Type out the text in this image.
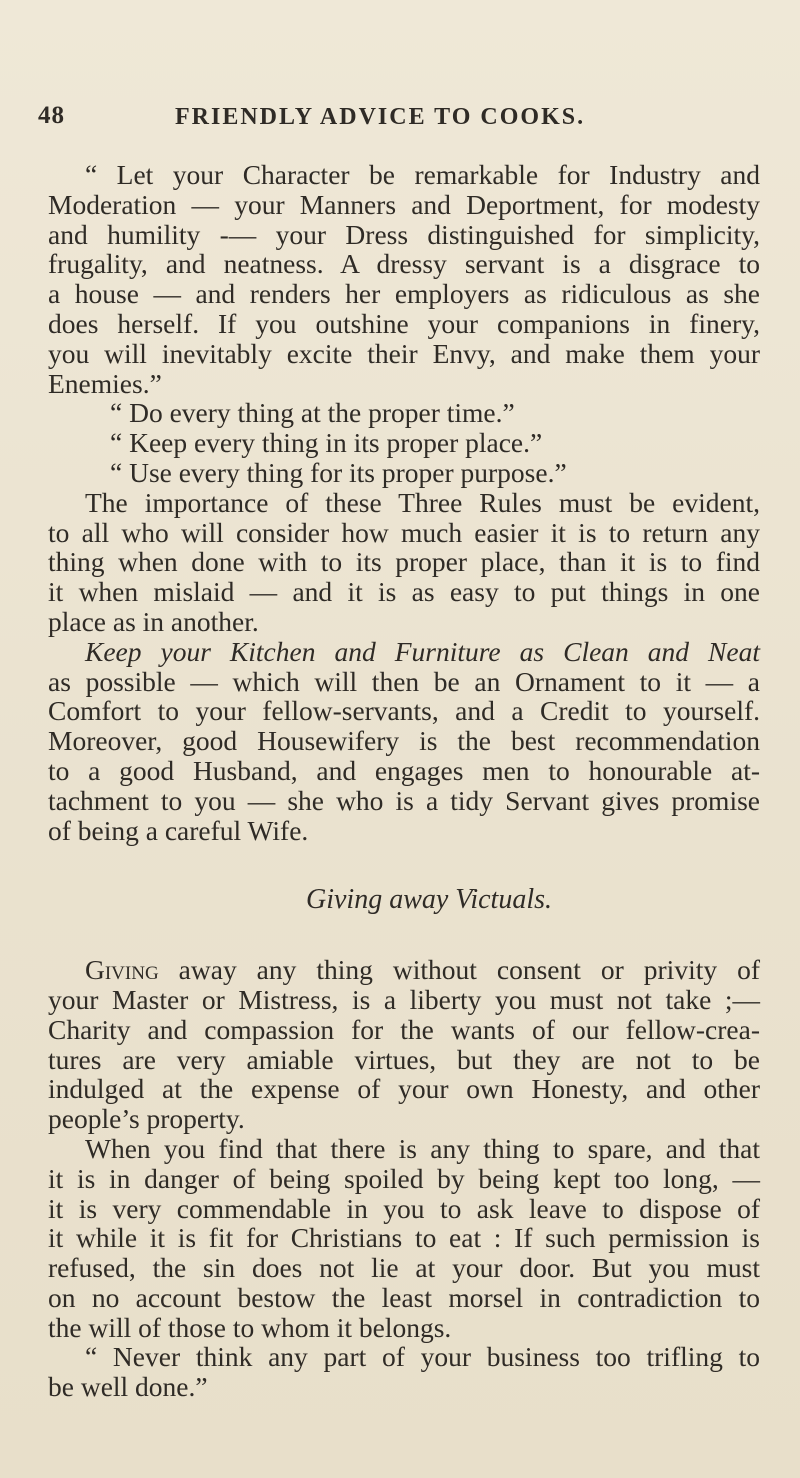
48	FRIENDLY ADVICE TO COOKS.
“ Let your Character be remarkable for Industry and
Moderation — your Manners and Deportment, for modesty
and humility -— your Dress distinguished for simplicity,
frugality, and neatness. A dressy servant is a disgrace to
a house — and renders her employers as ridiculous as she
does herself. If you outshine your companions in finery,
you will inevitably excite their Envy, and make them your
Enemies.”
“ Do every thing at the proper time.”
“ Keep every thing in its proper place.”
“ Use every thing for its proper purpose.”
The importance of these Three Rules must be evident,
to all who will consider how much easier it is to return any
thing when done with to its proper place, than it is to find
it when mislaid — and it is as easy to put things in one
place as in another.
Keep your Kitchen and Furniture as Clean and Neat
as possible — which will then be an Ornament to it — a
Comfort to your fellow-servants, and a Credit to yourself.
Moreover, good Housewifery is the best recommendation
to a good Husband, and engages men to honourable at-
tachment to you — she who is a tidy Servant gives promise
of being a careful Wife.
Giving away Victuals.
Giving away any thing without consent or privity of
your Master or Mistress, is a liberty you must not take ;—
Charity and compassion for the wants of our fellow-crea-
tures are very amiable virtues, but they are not to be
indulged at the expense of your own Honesty, and other
people’s property.
When you find that there is any thing to spare, and that
it is in danger of being spoiled by being kept too long, —
it is very commendable in you to ask leave to dispose of
it while it is fit for Christians to eat : If such permission is
refused, the sin does not lie at your door. But you must
on no account bestow the least morsel in contradiction to
the will of those to whom it belongs.
“ Never think any part of your business too trifling to
be well done.”
